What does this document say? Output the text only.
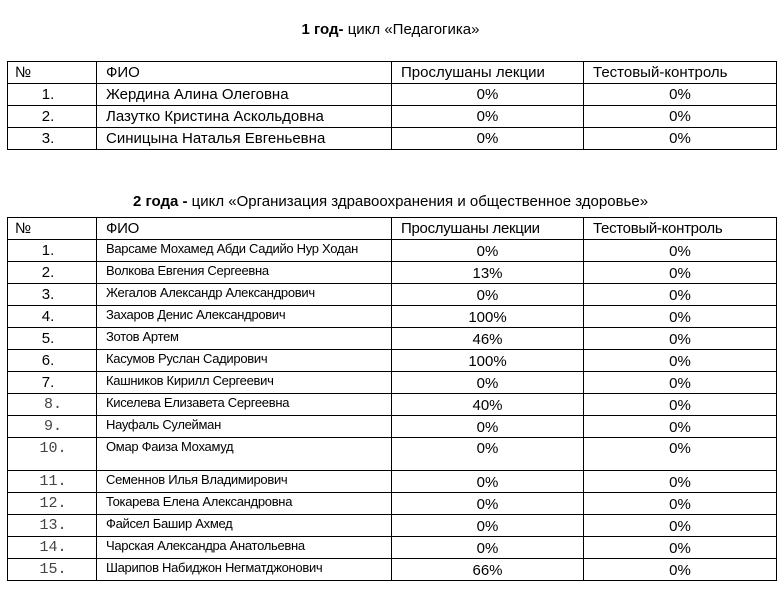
1 год- цикл «Педагогика»
№	ФИО	Прослушаны лекции	Тестовый-контроль
1.	Жердина Алина Олеговна	0%	0%
2.	Лазутко Кристина Аскольдовна	0%	0%
3.	Синицына Наталья Евгеньевна	0%	0%
2 года - цикл «Организация здравоохранения и общественное здоровье»
№	ФИО	Прослушаны лекции	Тестовый-контроль
1.	Варсаме Мохамед Абди Садийо Нур Ходан	0%	0%
2.	Волкова Евгения Сергеевна	13%	0%
3.	Жегалов Александр Александрович	0%	0%
4.	Захаров Денис Александрович	100%	0%
5.	Зотов Артем	46%	0%
6.	Касумов Руслан Садирович	100%	0%
7.	Кашников Кирилл Сергеевич	0%	0%
8.	Киселева Елизавета Сергеевна	40%	0%
9.	Науфаль Сулейман	0%	0%
10.	Омар Фаиза Мохамуд	0%	0%
11.	Семеннов Илья Владимирович	0%	0%
12.	Токарева Елена Александровна	0%	0%
13.	Файсел Башир Ахмед	0%	0%
14.	Чарская Александра Анатольевна	0%	0%
15.	Шарипов Набиджон Негматджонович	66%	0%
